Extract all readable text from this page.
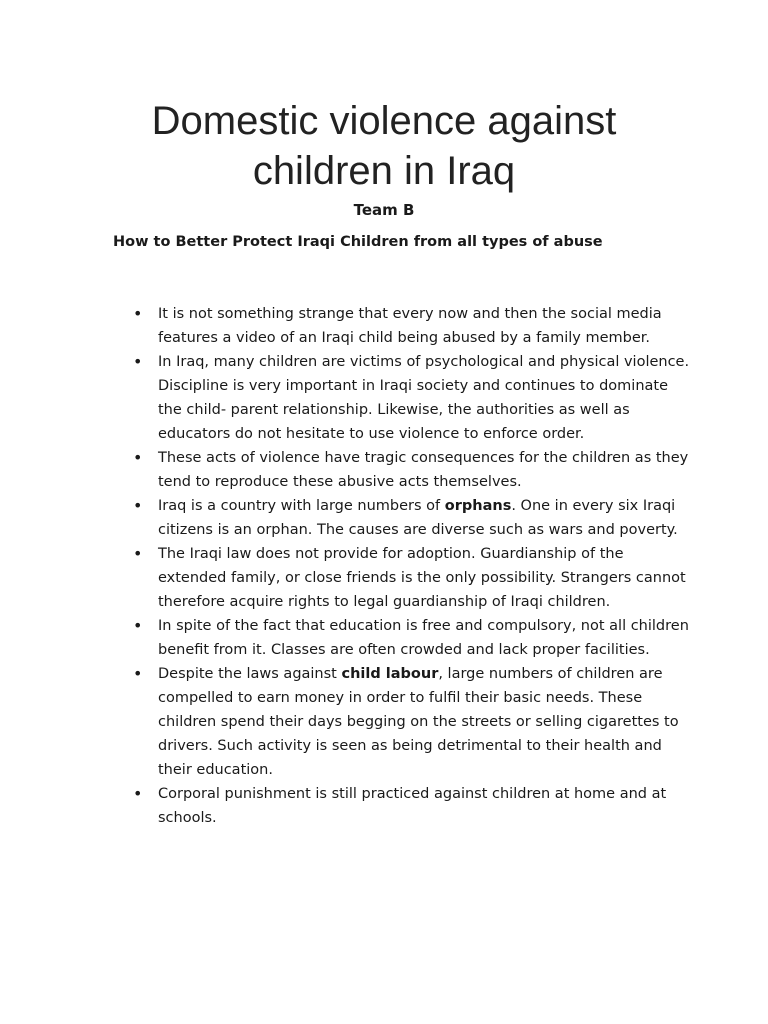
Domestic violence against
children in Iraq

Team B

How to Better Protect Iraqi Children from all types of abuse

• It is not something strange that every now and then the social media features a video of an Iraqi child being abused by a family member.
• In Iraq, many children are victims of psychological and physical violence. Discipline is very important in Iraqi society and continues to dominate the child- parent relationship. Likewise, the authorities as well as educators do not hesitate to use violence to enforce order.
• These acts of violence have tragic consequences for the children as they tend to reproduce these abusive acts themselves.
• Iraq is a country with large numbers of orphans. One in every six Iraqi citizens is an orphan. The causes are diverse such as wars and poverty.
• The Iraqi law does not provide for adoption. Guardianship of the extended family, or close friends is the only possibility. Strangers cannot therefore acquire rights to legal guardianship of Iraqi children.
• In spite of the fact that education is free and compulsory, not all children benefit from it. Classes are often crowded and lack proper facilities.
• Despite the laws against child labour, large numbers of children are compelled to earn money in order to fulfil their basic needs. These children spend their days begging on the streets or selling cigarettes to drivers. Such activity is seen as being detrimental to their health and their education.
• Corporal punishment is still practiced against children at home and at schools.
